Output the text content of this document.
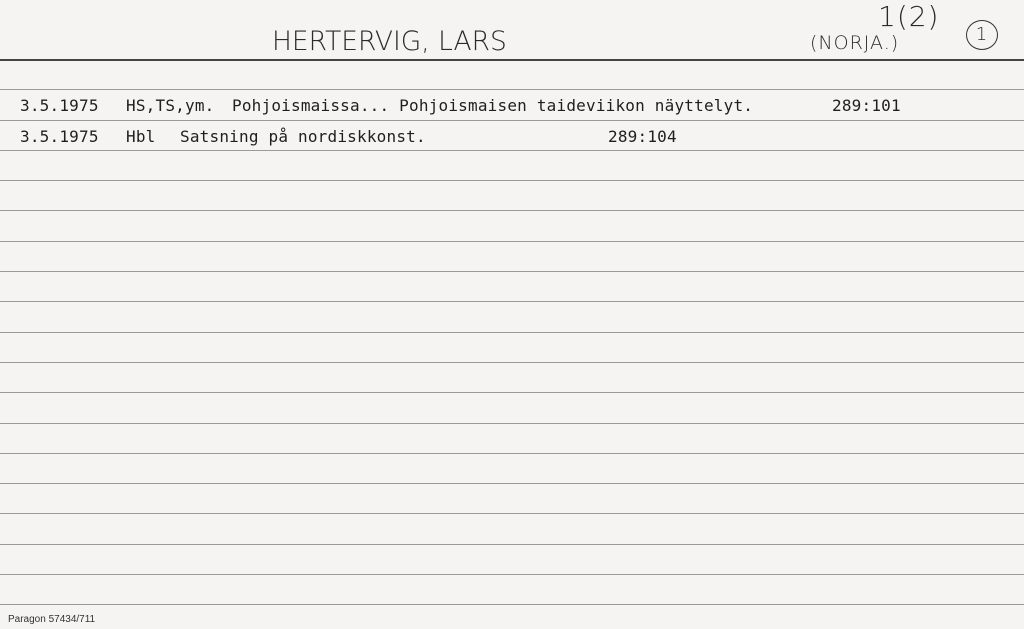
HERTERVIG, LARS
1(2)
(NORJA.)	1
3.5.1975 HS,TS,ym. Pohjoismaissa... Pohjoismaisen taideviikon näyttelyt.	289:101
3.5.1975 Hbl Satsning på nordiskkonst.	289:104
Paragon 57434/711
